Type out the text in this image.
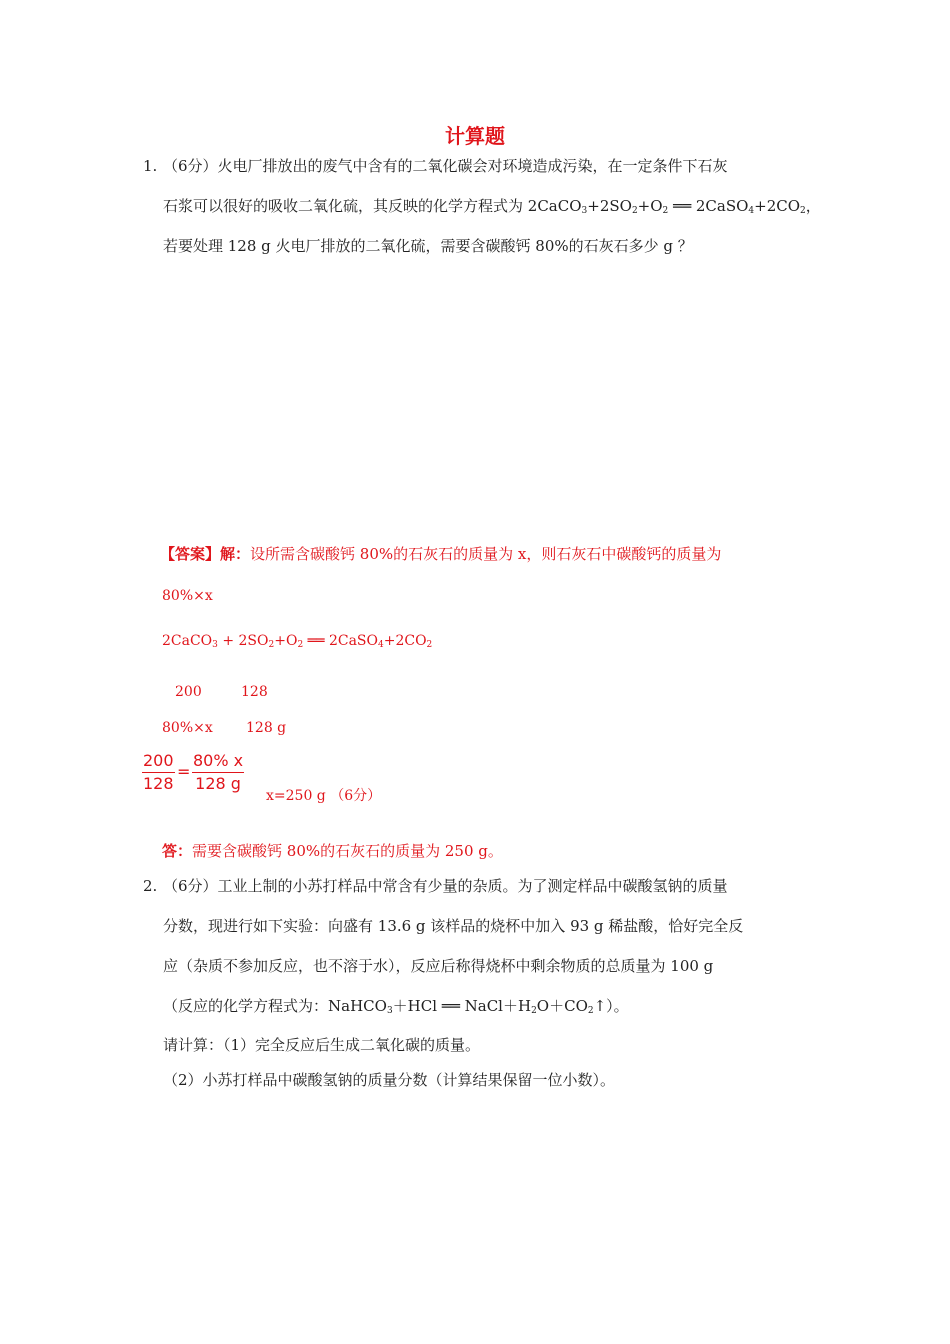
计算题
1. （6分）火电厂排放出的废气中含有的二氧化碳会对环境造成污染，在一定条件下石灰
石浆可以很好的吸收二氧化硫，其反映的化学方程式为 $2CaCO_3+2SO_2+O_2$ ══ $2CaSO_4+2CO_2$，
若要处理 128 g 火电厂排放的二氧化硫，需要含碳酸钙 80%的石灰石多少 g ？
【答案】解：设所需含碳酸钙 80%的石灰石的质量为 x，则石灰石中碳酸钙的质量为
80%×x
2CaCO$_3$ + $2SO_2+O_2$ ══ $2CaSO_4+2CO_2$
200	128
80%×x 128 g
$\frac{200}{128} = \frac{80\% x}{128 g}$
x=250 g （6分）
答：需要含碳酸钙 80%的石灰石的质量为 250 g。
2. （6分）工业上制的小苏打样品中常含有少量的杂质。为了测定样品中碳酸氢钠的质量
分数，现进行如下实验：向盛有 13.6 g 该样品的烧杯中加入 93 g 稀盐酸，恰好完全反
应（杂质不参加反应，也不溶于水），反应后称得烧杯中剩余物质的总质量为 100 g
（反应的化学方程式为：NaHCO$_3$＋HCl ══ $NaCl+H_2O+CO_2↑$）。
请计算：（1）完全反应后生成二氧化碳的质量。
（2）小苏打样品中碳酸氢钠的质量分数（计算结果保留一位小数）。
